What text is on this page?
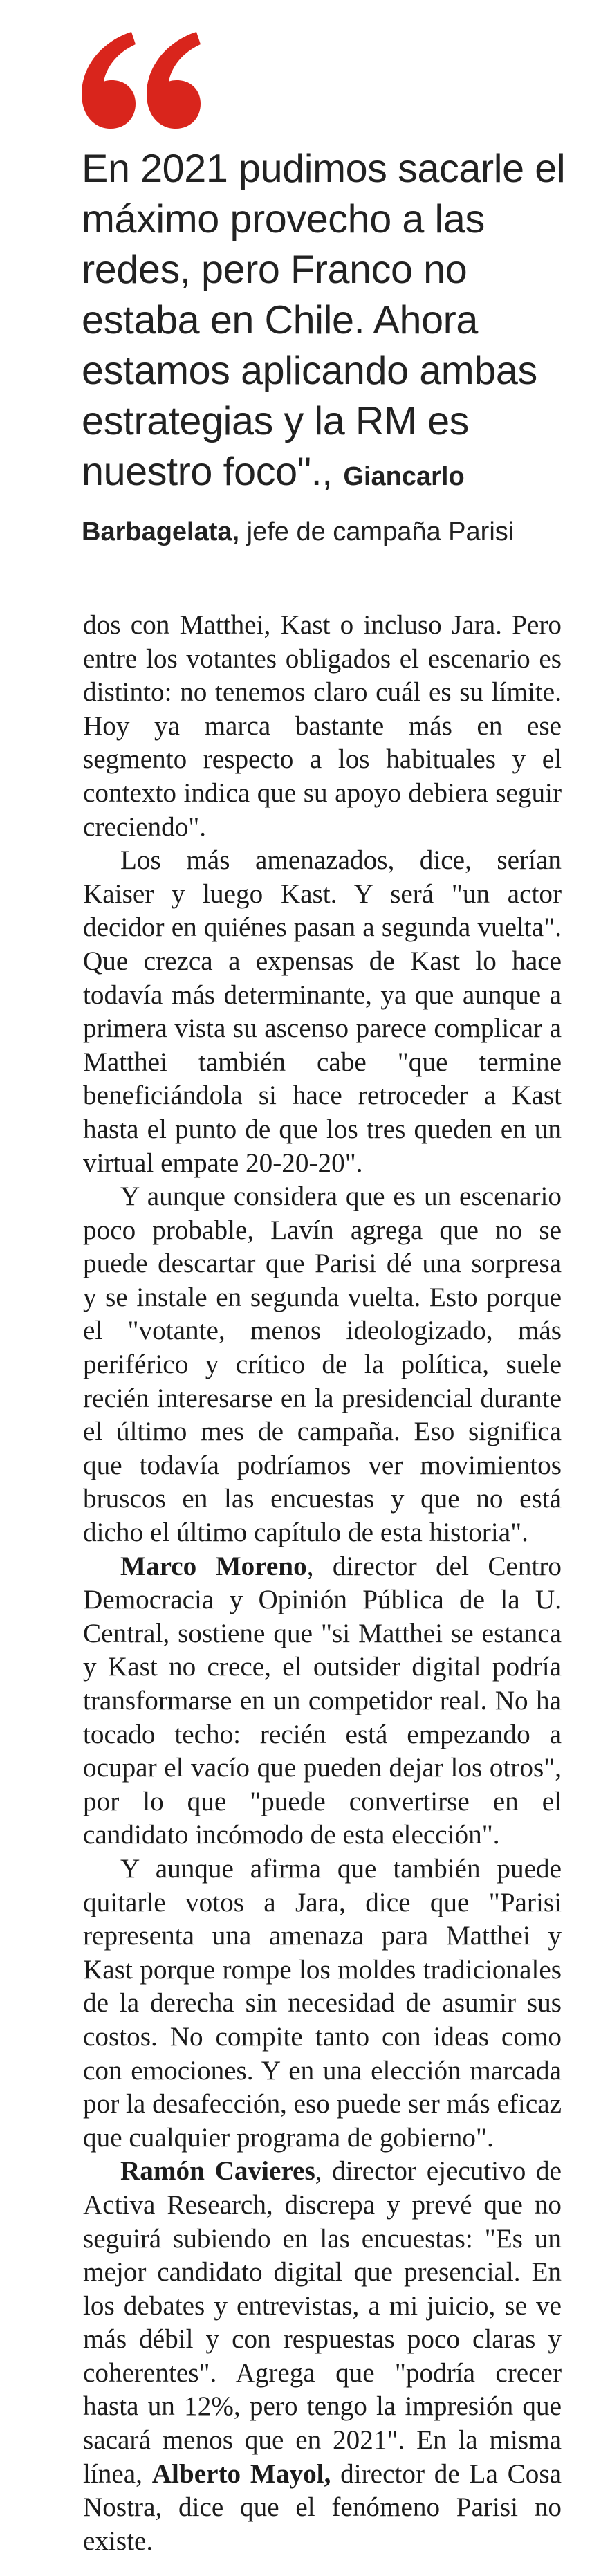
En 2021 pudimos sacarle el máximo provecho a las redes, pero Franco no estaba en Chile. Ahora estamos aplicando ambas estrategias y la RM es nuestro foco"., Giancarlo Barbagelata, jefe de campaña Parisi

dos con Matthei, Kast o incluso Jara. Pero entre los votantes obligados el escenario es distinto: no tenemos claro cuál es su límite. Hoy ya marca bastante más en ese segmento respecto a los habituales y el contexto indica que su apoyo debiera seguir creciendo".

Los más amenazados, dice, serían Kaiser y luego Kast. Y será "un actor decidor en quiénes pasan a segunda vuelta". Que crezca a expensas de Kast lo hace todavía más determinante, ya que aunque a primera vista su ascenso parece complicar a Matthei también cabe "que termine beneficiándola si hace retroceder a Kast hasta el punto de que los tres queden en un virtual empate 20-20-20".

Y aunque considera que es un escenario poco probable, Lavín agrega que no se puede descartar que Parisi dé una sorpresa y se instale en segunda vuelta. Esto porque el "votante, menos ideologizado, más periférico y crítico de la política, suele recién interesarse en la presidencial durante el último mes de campaña. Eso significa que todavía podríamos ver movimientos bruscos en las encuestas y que no está dicho el último capítulo de esta historia".

Marco Moreno, director del Centro Democracia y Opinión Pública de la U. Central, sostiene que "si Matthei se estanca y Kast no crece, el outsider digital podría transformarse en un competidor real. No ha tocado techo: recién está empezando a ocupar el vacío que pueden dejar los otros", por lo que "puede convertirse en el candidato incómodo de esta elección".

Y aunque afirma que también puede quitarle votos a Jara, dice que "Parisi representa una amenaza para Matthei y Kast porque rompe los moldes tradicionales de la derecha sin necesidad de asumir sus costos. No compite tanto con ideas como con emociones. Y en una elección marcada por la desafección, eso puede ser más eficaz que cualquier programa de gobierno".

Ramón Cavieres, director ejecutivo de Activa Research, discrepa y prevé que no seguirá subiendo en las encuestas: "Es un mejor candidato digital que presencial. En los debates y entrevistas, a mi juicio, se ve más débil y con respuestas poco claras y coherentes". Agrega que "podría crecer hasta un 12%, pero tengo la impresión que sacará menos que en 2021". En la misma línea, Alberto Mayol, director de La Cosa Nostra, dice que el fenómeno Parisi no existe.
